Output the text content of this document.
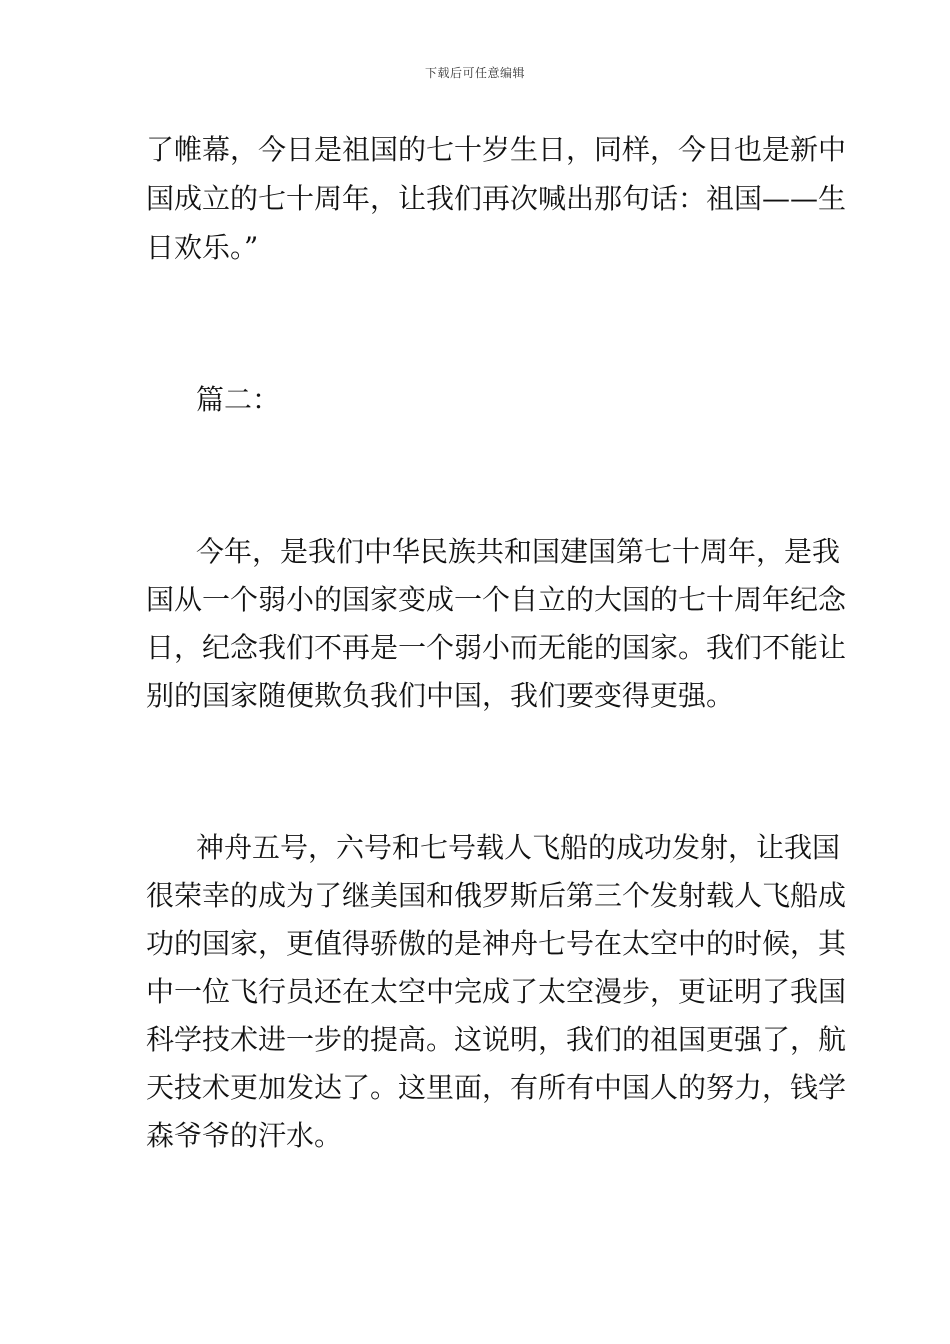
下载后可任意编辑
了帷幕，今日是祖国的七十岁生日，同样，今日也是新中
国成立的七十周年，让我们再次喊出那句话：祖国——生
日欢乐。”
篇二：
今年，是我们中华民族共和国建国第七十周年，是我
国从一个弱小的国家变成一个自立的大国的七十周年纪念
日，纪念我们不再是一个弱小而无能的国家。我们不能让
别的国家随便欺负我们中国，我们要变得更强。
神舟五号，六号和七号载人飞船的成功发射，让我国
很荣幸的成为了继美国和俄罗斯后第三个发射载人飞船成
功的国家，更值得骄傲的是神舟七号在太空中的时候，其
中一位飞行员还在太空中完成了太空漫步，更证明了我国
科学技术进一步的提高。这说明，我们的祖国更强了，航
天技术更加发达了。这里面，有所有中国人的努力，钱学
森爷爷的汗水。
